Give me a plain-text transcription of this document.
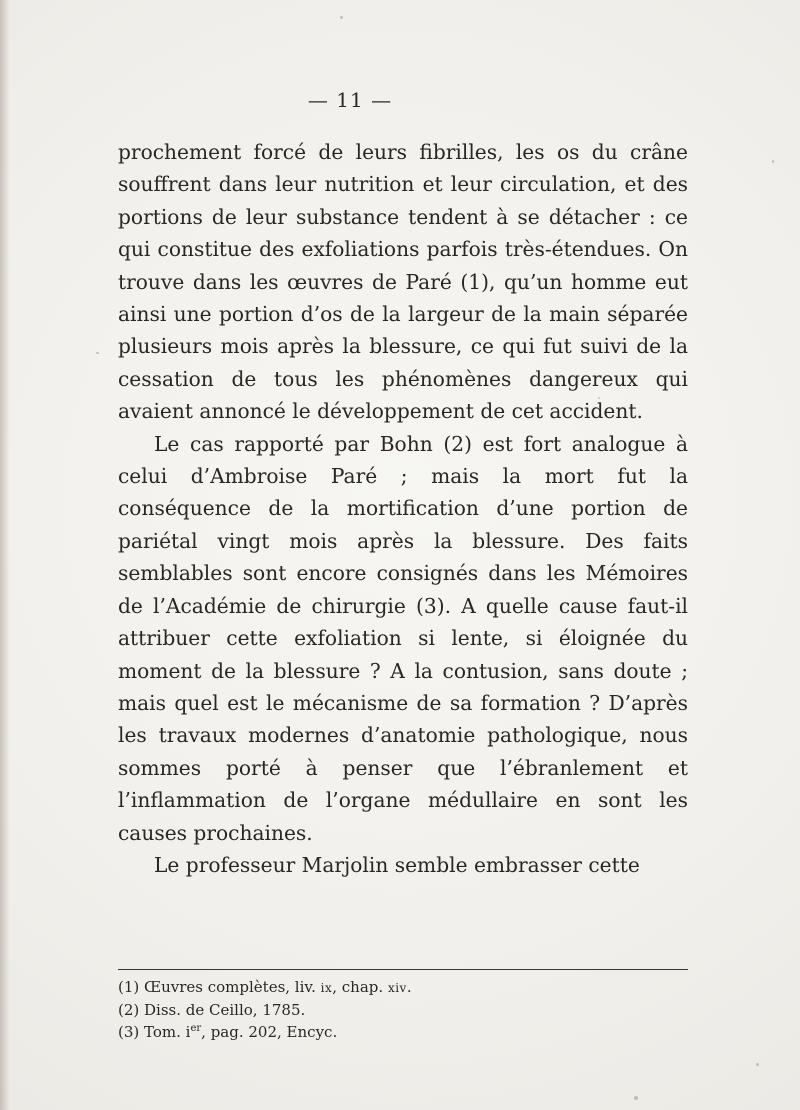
— 11 —

prochement forcé de leurs fibrilles, les os du crâne souffrent dans leur nutrition et leur circulation, et des portions de leur substance tendent à se détacher : ce qui constitue des exfoliations parfois très-étendues. On trouve dans les œuvres de Paré (1), qu’un homme eut ainsi une portion d’os de la largeur de la main séparée plusieurs mois après la blessure, ce qui fut suivi de la cessation de tous les phénomènes dangereux qui avaient annoncé le développement de cet accident.

Le cas rapporté par Bohn (2) est fort analogue à celui d’Ambroise Paré ; mais la mort fut la conséquence de la mortification d’une portion de pariétal vingt mois après la blessure. Des faits semblables sont encore consignés dans les Mémoires de l’Académie de chirurgie (3). A quelle cause faut-il attribuer cette exfoliation si lente, si éloignée du moment de la blessure ? A la contusion, sans doute ; mais quel est le mécanisme de sa formation ? D’après les travaux modernes d’anatomie pathologique, nous sommes porté à penser que l’ébranlement et l’inflammation de l’organe médullaire en sont les causes prochaines.

Le professeur Marjolin semble embrasser cette

(1) Œuvres complètes, liv. ix, chap. xiv.
(2) Diss. de Ceillo, 1785.
(3) Tom. $i^{er}$, pag. 202, Encyc.
